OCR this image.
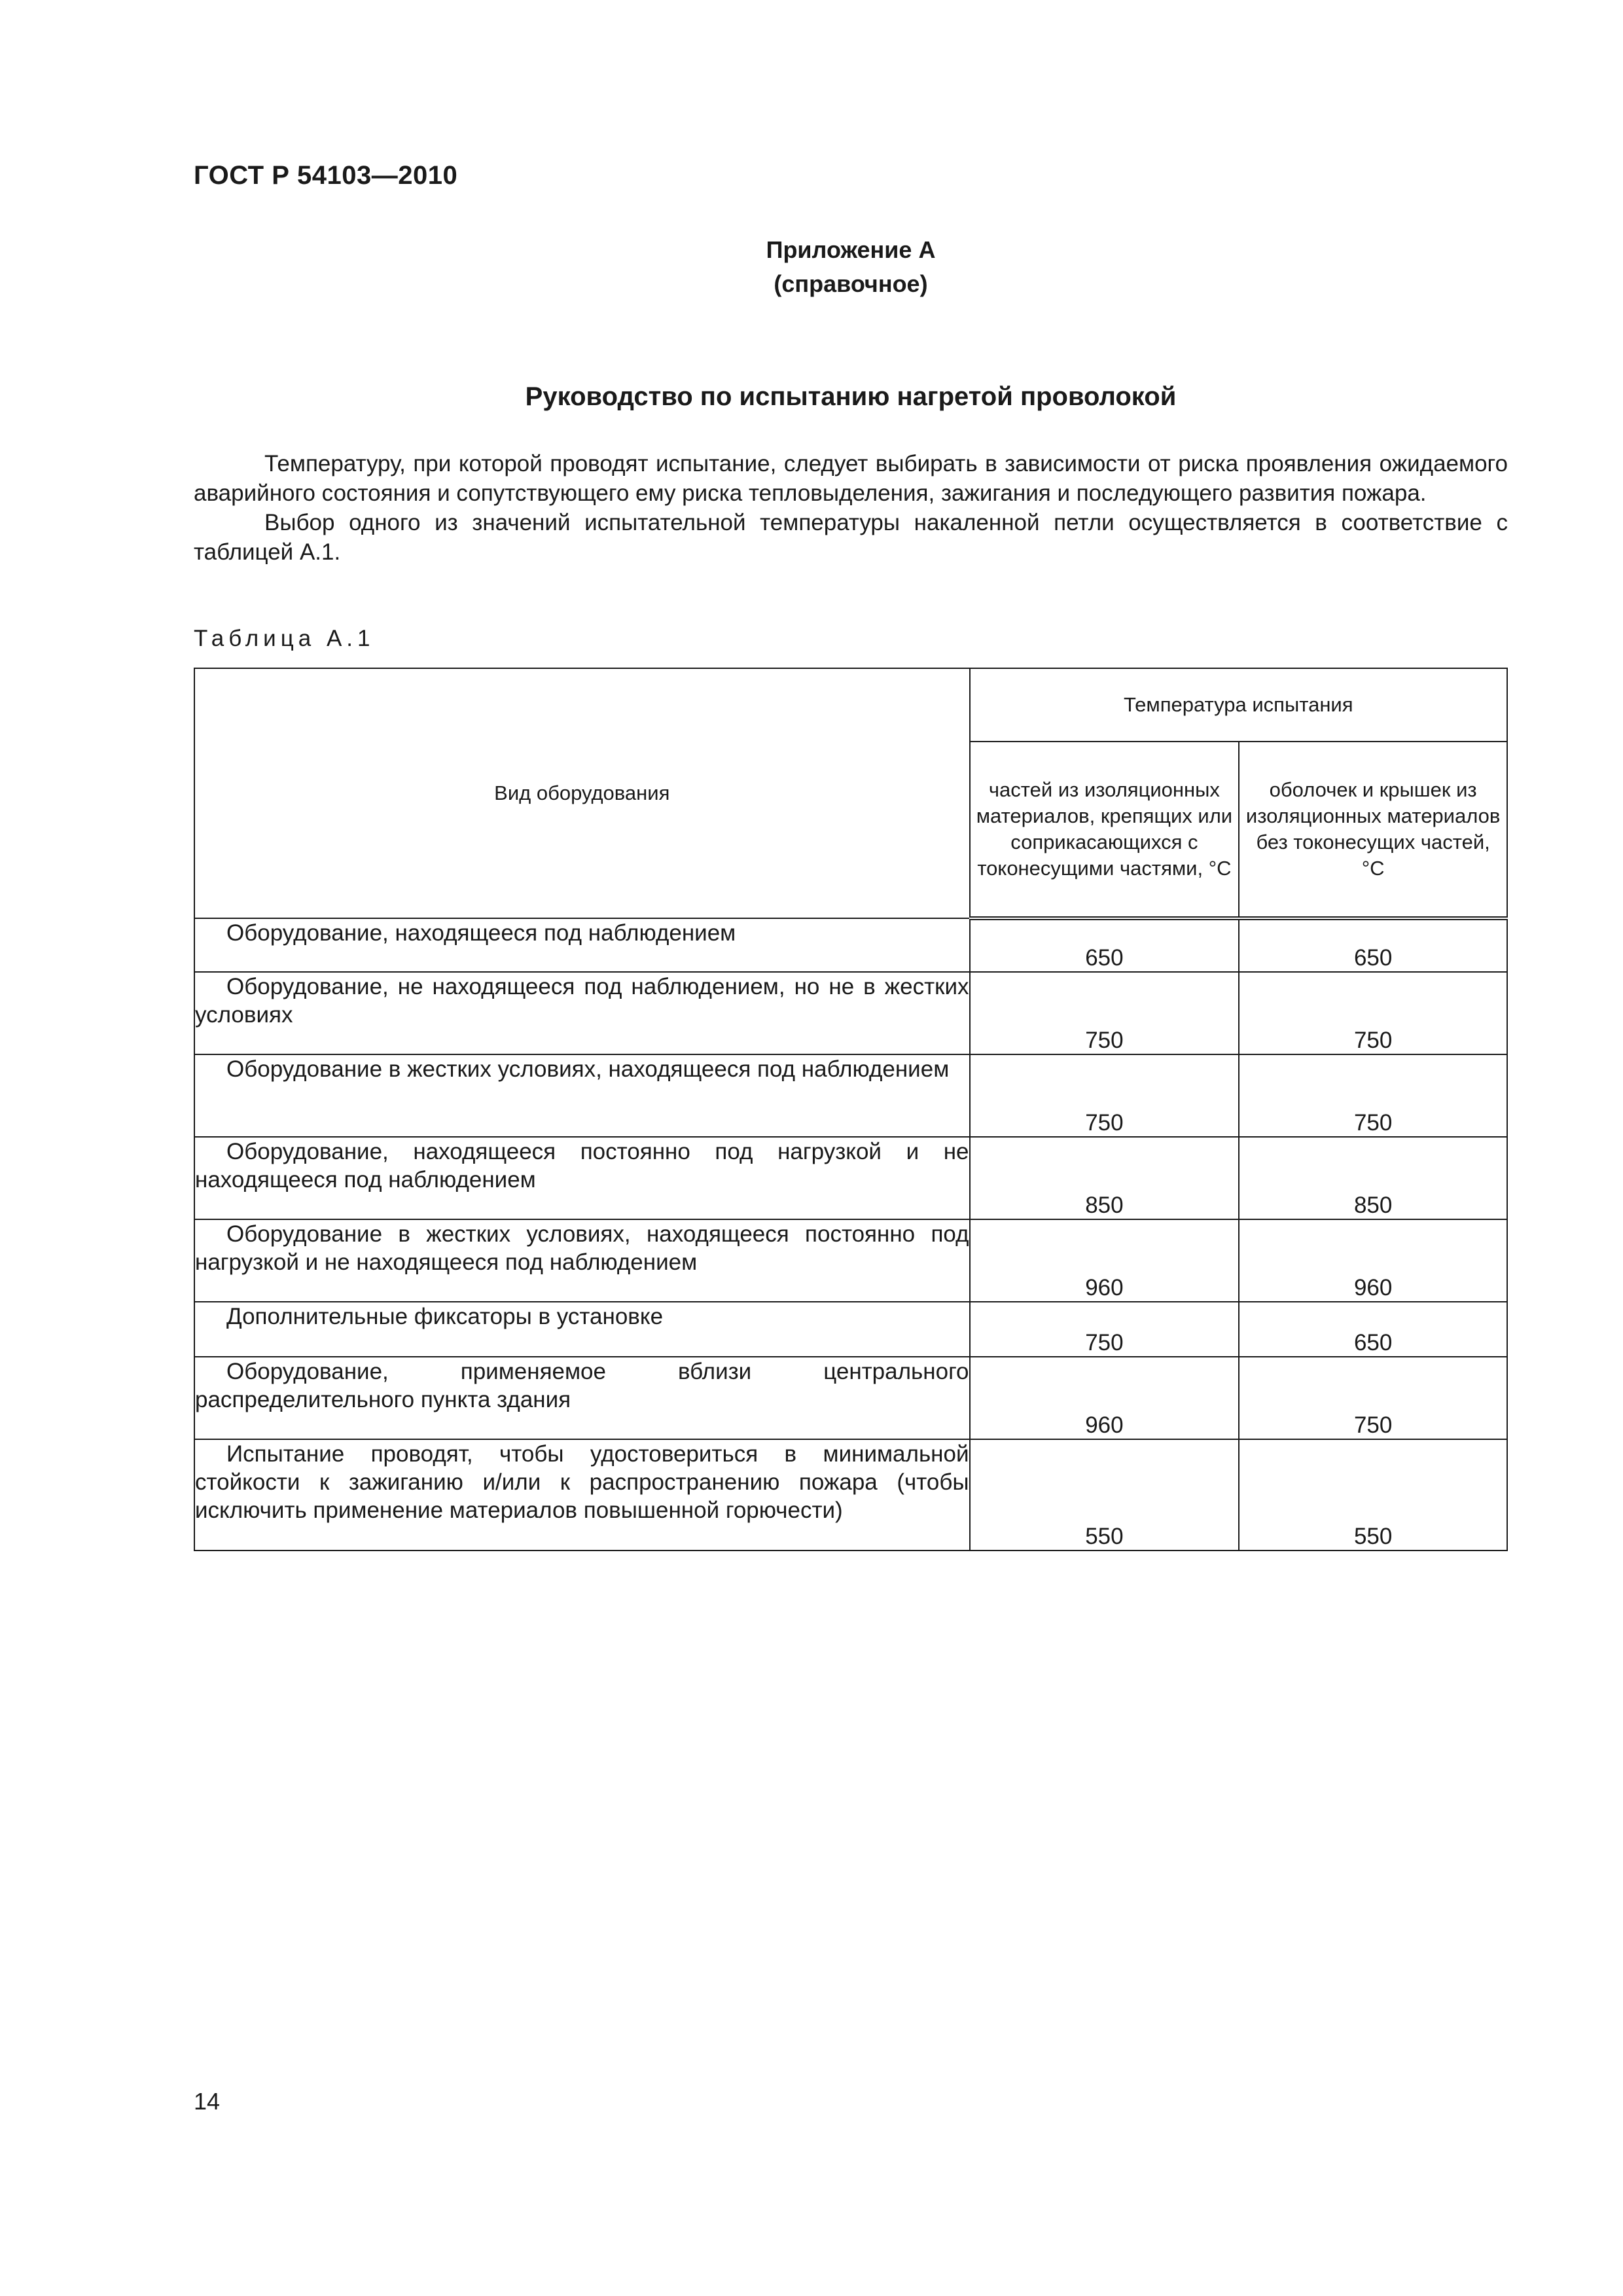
ГОСТ Р 54103—2010
Приложение А
(справочное)
Руководство по испытанию нагретой проволокой

Температуру, при которой проводят испытание, следует выбирать в зависимости от риска проявления ожидаемого аварийного состояния и сопутствующего ему риска тепловыделения, зажигания и последующего развития пожара.

Выбор одного из значений испытательной температуры накаленной петли осуществляется в соответствие с таблицей А.1.

Таблица А.1
Вид оборудования	Температура испытания	
	частей из изоляционных материалов, крепящих или соприкасающихся с токонесущими частями, °C	оболочек и крышек из изоляционных материалов без токонесущих частей, °C
Оборудование, находящееся под наблюдением	650	650
Оборудование, не находящееся под наблюдением, но не в жестких условиях	750	750
Оборудование в жестких условиях, находящееся под наблюдением	750	750
Оборудование, находящееся постоянно под нагрузкой и не находящееся под наблюдением	850	850
Оборудование в жестких условиях, находящееся постоянно под нагрузкой и не находящееся под наблюдением	960	960
Дополнительные фиксаторы в установке	750	650
Оборудование, применяемое вблизи центрального распределительного пункта здания	960	750
Испытание проводят, чтобы удостовериться в минимальной стойкости к зажиганию и/или к распространению пожара (чтобы исключить применение материалов повышенной горючести)	550	550
14
